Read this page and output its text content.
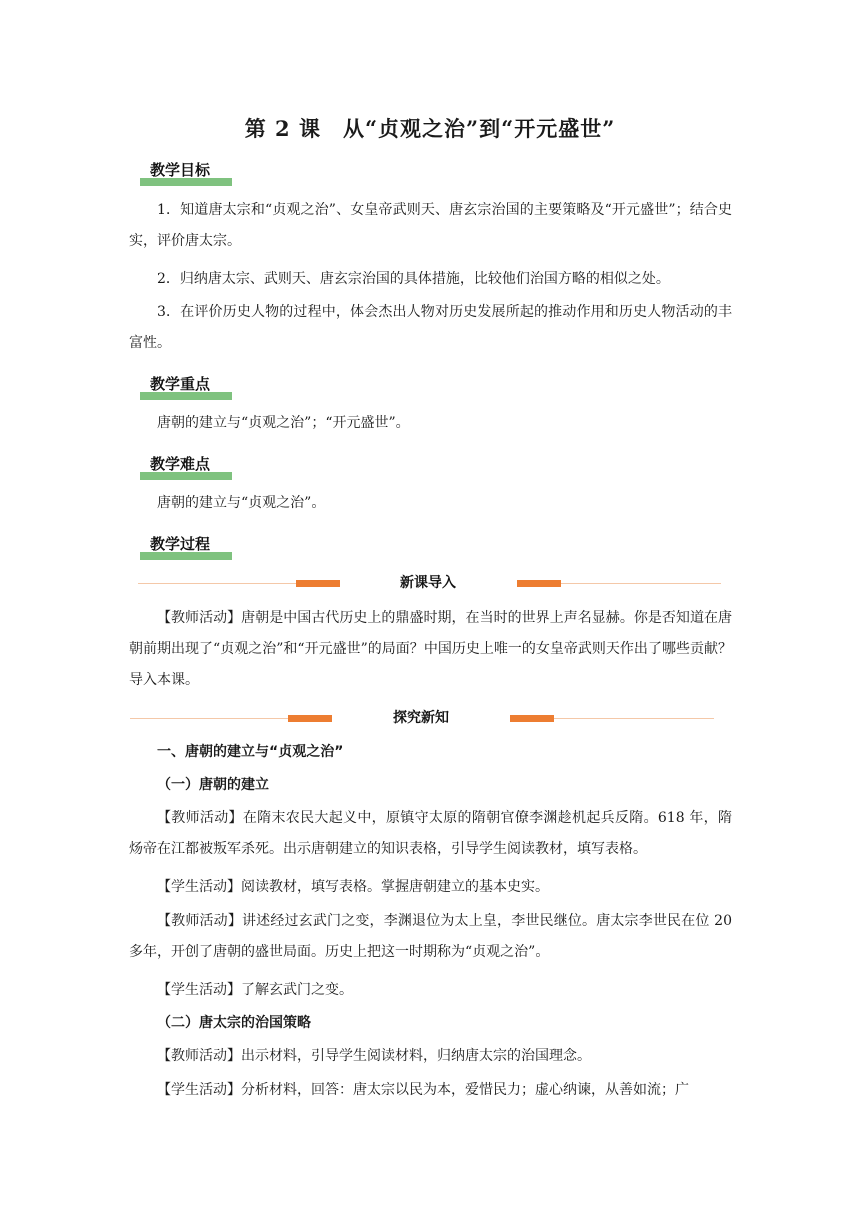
第 2 课　从“贞观之治”到“开元盛世”
教学目标
1．知道唐太宗和“贞观之治”、女皇帝武则天、唐玄宗治国的主要策略及“开元盛世”；结合史实，评价唐太宗。
2．归纳唐太宗、武则天、唐玄宗治国的具体措施，比较他们治国方略的相似之处。
3．在评价历史人物的过程中，体会杰出人物对历史发展所起的推动作用和历史人物活动的丰富性。
教学重点
唐朝的建立与“贞观之治”；“开元盛世”。
教学难点
唐朝的建立与“贞观之治”。
教学过程
新课导入
【教师活动】唐朝是中国古代历史上的鼎盛时期，在当时的世界上声名显赫。你是否知道在唐朝前期出现了“贞观之治”和“开元盛世”的局面？中国历史上唯一的女皇帝武则天作出了哪些贡献？导入本课。
探究新知
一、唐朝的建立与“贞观之治”
（一）唐朝的建立
【教师活动】在隋末农民大起义中，原镇守太原的隋朝官僚李渊趁机起兵反隋。618 年，隋炀帝在江都被叛军杀死。出示唐朝建立的知识表格，引导学生阅读教材，填写表格。
【学生活动】阅读教材，填写表格。掌握唐朝建立的基本史实。
【教师活动】讲述经过玄武门之变，李渊退位为太上皇，李世民继位。唐太宗李世民在位 20 多年，开创了唐朝的盛世局面。历史上把这一时期称为“贞观之治”。
【学生活动】了解玄武门之变。
（二）唐太宗的治国策略
【教师活动】出示材料，引导学生阅读材料，归纳唐太宗的治国理念。
【学生活动】分析材料，回答：唐太宗以民为本，爱惜民力；虚心纳谏，从善如流；广
